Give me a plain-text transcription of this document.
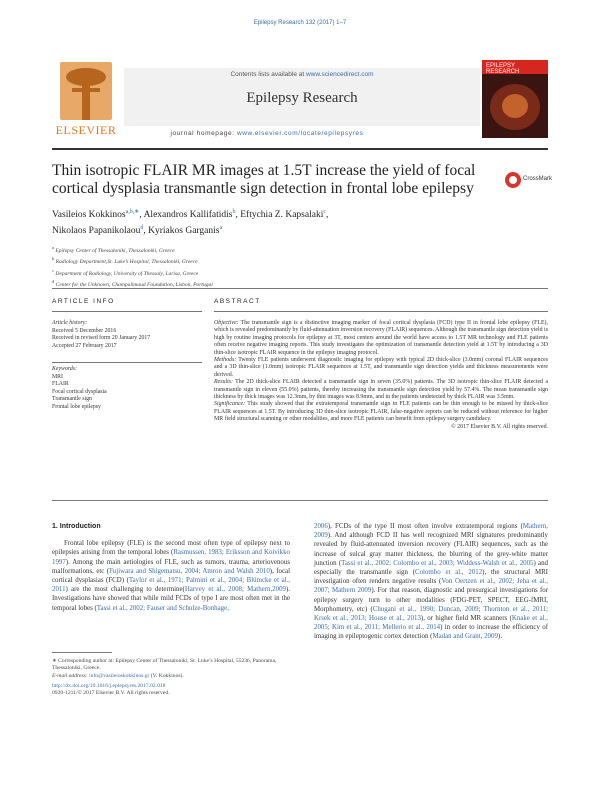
Epilepsy Research 132 (2017) 1–7
ELSEVIER
Contents lists available at www.sciencedirect.com
Epilepsy Research
journal homepage: www.elsevier.com/locate/epilepsyres
EPILEPSY RESEARCH
Thin isotropic FLAIR MR images at 1.5T increase the yield of focal cortical dysplasia transmantle sign detection in frontal lobe epilepsy
CrossMark
Vasileios Kokkinos$^{a,b,∗}$, Alexandros Kallifatidis$^b$, Eftychia Z. Kapsalaki$^c$,
Nikolaos Papanikolaou$^d$, Kyriakos Garganis$^a$
$^a$ Epilepsy Center of Thessaloniki, Thessaloniki, Greece
$^b$ Radiology Department,St. Luke’s Hospital, Thessaloniki, Greece
$^c$ Department of Radiology, University of Thessaly, Larisa, Greece
$^d$ Center for the Unknown, Champalimaud Foundation, Lisbon, Portugal
ARTICLE INFO	ABSTRACT
Article history:
Received 5 December 2016
Received in revised form 20 January 2017
Accepted 27 February 2017
Keywords:
MRI
FLAIR
Focal cortical dysplasia
Transmantle sign
Frontal lobe epilepsy

Objective: The transmantle sign is a distinctive imaging marker of focal cortical dysplasia (FCD) type II in frontal lobe epilepsy (FLE), which is revealed predominantly by fluid-attenuation inversion recovery (FLAIR) sequences. Although the transmantle sign detection yield is high by routine imaging protocols for epilepsy at 3T, most centers around the world have access to 1.5T MR technology and FLE patients often receive negative imaging reports. This study investigates the optimization of transmantle detection yield at 1.5T by introducing a 3D thin-slice isotropic FLAIR sequence in the epilepsy imaging protocol.

Methods: Twenty FLE patients underwent diagnostic imaging for epilepsy with typical 2D thick-slice (3.0mm) coronal FLAIR sequences and a 3D thin-slice (1.0mm) isotropic FLAIR sequences at 1.5T, and transmantle sign detection yields and thickness measurements were derived.

Results: The 2D thick-slice FLAIR detected a transmantle sign in seven (35.0%) patients. The 3D isotropic thin-slice FLAIR detected a transmantle sign in eleven (55.0%) patients, thereby increasing the transmantle sign detection yield by 57.4%. The mean transmantle sign thickness by thick images was 12.3mm, by thin images was 8.9mm, and in the patients undetected by thick FLAIR was 3.5mm.

Significance: This study showed that the extratemporal transmantle sign in FLE patients can be thin enough to be missed by thick-slice FLAIR sequences at 1.5T. By introducing 3D thin-slice isotropic FLAIR, false-negative reports can be reduced without reference for higher MR field structural scanning or other modalities, and more FLE patients can benefit from epilepsy surgery candidacy.

© 2017 Elsevier B.V. All rights reserved.

1. Introduction

Frontal lobe epilepsy (FLE) is the second most often type of epilepsy next to epilepsies arising from the temporal lobes (Rasmussen, 1983; Eriksson and Koivikko 1997). Among the main aetiologies of FLE, such as tumors, trauma, arteriovenous malformations, etc (Fujiwara and Shigematsu, 2004; Amron and Walsh 2010), focal cortical dysplasias (FCD) (Taylor et al., 1971; Palmini et al., 2004; Blümcke et al., 2011) are the most challenging to determine(Harvey et al., 2008; Mathern,2009). Investigations have showed that while mild FCDs of type I are most often met in the temporal lobes (Tassi et al., 2002; Fauser and Schulze-Bonhage,

2006), FCDs of the type II most often involve extratemporal regions (Mathern, 2009). And although FCD II has well recognized MRI signatures predominantly revealed by fluid-attenuated inversion recovery (FLAIR) sequences, such as the increase of sulcal gray matter thickness, the blurring of the grey-white matter junction (Tassi et al., 2002; Colombo et al., 2003; Widdess-Walsh et al., 2005) and especially the transmantle sign (Colombo et al., 2012), the structural MRI investigation often renders negative results (Von Oertzen et al., 2002; Jeha et al., 2007; Mathern 2009). For that reason, diagnostic and presurgical investigations for epilepsy surgery turn to other modalities (FDG-PET, SPECT, EEG-fMRI, Morphometry, etc) (Chugani et al., 1990; Duncan, 2009; Thornton et al., 2011; Krsek et al., 2013; House et al., 2013), or higher field MR scanners (Knake et al., 2005; Kim et al., 2011; Mellerio et al., 2014) in order to increase the efficiency of imaging in epileptogenic cortex detection (Madan and Grant, 2009).

∗ Corresponding author at: Epilepsy Center of Thessaloniki, St. Luke’s Hospital, 55236, Panorama, Thessaloniki, Greece.
E-mail address: info@vasileioskokkinos.gr (V. Kokkinos).
http://dx.doi.org/10.1016/j.eplepsyres.2017.02.018
0920-1211/© 2017 Elsevier B.V. All rights reserved.
